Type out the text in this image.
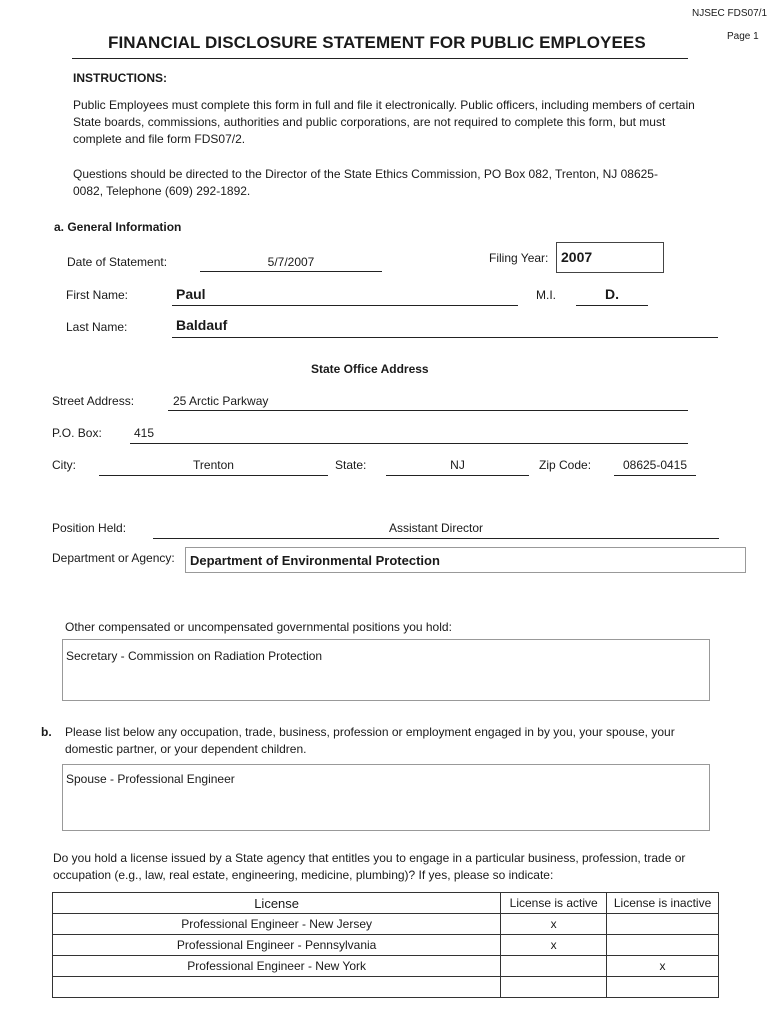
NJSEC FDS07/1
Page 1
FINANCIAL DISCLOSURE STATEMENT FOR PUBLIC EMPLOYEES
INSTRUCTIONS:
Public Employees must complete this form in full and file it electronically. Public officers, including members of certain State boards, commissions, authorities and public corporations, are not required to complete this form, but must complete and file form FDS07/2.
Questions should be directed to the Director of the State Ethics Commission, PO Box 082, Trenton, NJ 08625-0082, Telephone (609) 292-1892.
a. General Information
Date of Statement:	5/7/2007	Filing Year: 2007
First Name:	Paul	M.I.	D.
Last Name:	Baldauf
State Office Address
Street Address:	25 Arctic Parkway
P.O. Box:	415
City:	Trenton	State:	NJ	Zip Code:	08625-0415
Position Held:	Assistant Director
Department or Agency: Department of Environmental Protection
Other compensated or uncompensated governmental positions you hold:
Secretary - Commission on Radiation Protection
b. Please list below any occupation, trade, business, profession or employment engaged in by you, your spouse, your domestic partner, or your dependent children.
Spouse - Professional Engineer
Do you hold a license issued by a State agency that entitles you to engage in a particular business, profession, trade or occupation (e.g., law, real estate, engineering, medicine, plumbing)? If yes, please so indicate:
License	License is active	License is inactive
Professional Engineer - New Jersey	x	
Professional Engineer - Pennsylvania	x	
Professional Engineer - New York		x
